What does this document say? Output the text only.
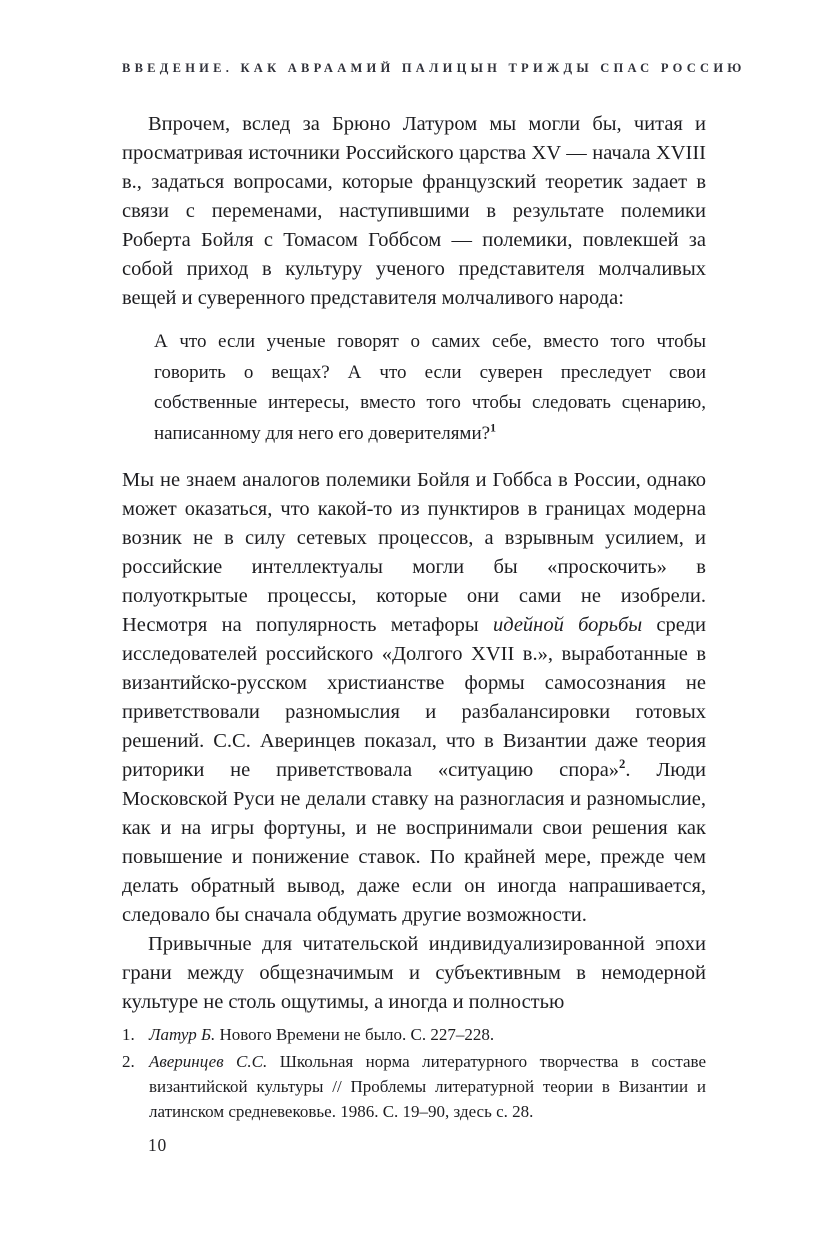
ВВЕДЕНИЕ. КАК АВРААМИЙ ПАЛИЦЫН ТРИЖДЫ СПАС РОССИЮ

Впрочем, вслед за Брюно Латуром мы могли бы, читая и просматривая источники Российского царства XV — начала XVIII в., задаться вопросами, которые французский теоретик задает в связи с переменами, наступившими в результате полемики Роберта Бойля с Томасом Гоббсом — полемики, повлекшей за собой приход в культуру ученого представителя молчаливых вещей и суверенного представителя молчаливого народа:

А что если ученые говорят о самих себе, вместо того чтобы говорить о вещах? А что если суверен преследует свои собственные интересы, вместо того чтобы следовать сценарию, написанному для него его доверителями?$^1$

Мы не знаем аналогов полемики Бойля и Гоббса в России, однако может оказаться, что какой-то из пунктиров в границах модерна возник не в силу сетевых процессов, а взрывным усилием, и российские интеллектуалы могли бы «проскочить» в полуоткрытые процессы, которые они сами не изобрели. Несмотря на популярность метафоры идейной борьбы среди исследователей российского «Долгого XVII в.», выработанные в византийско-русском христианстве формы самосознания не приветствовали разномыслия и разбалансировки готовых решений. С.С. Аверинцев показал, что в Византии даже теория риторики не приветствовала «ситуацию спора»$^2$. Люди Московской Руси не делали ставку на разногласия и разномыслие, как и на игры фортуны, и не воспринимали свои решения как повышение и понижение ставок. По крайней мере, прежде чем делать обратный вывод, даже если он иногда напрашивается, следовало бы сначала обдумать другие возможности.

Привычные для читательской индивидуализированной эпохи грани между общезначимым и субъективным в немодерной культуре не столь ощутимы, а иногда и полностью

1. Латур Б. Нового Времени не было. С. 227–228.
2. Аверинцев С.С. Школьная норма литературного творчества в составе византийской культуры // Проблемы литературной теории в Византии и латинском средневековье. 1986. С. 19–90, здесь с. 28.
10
